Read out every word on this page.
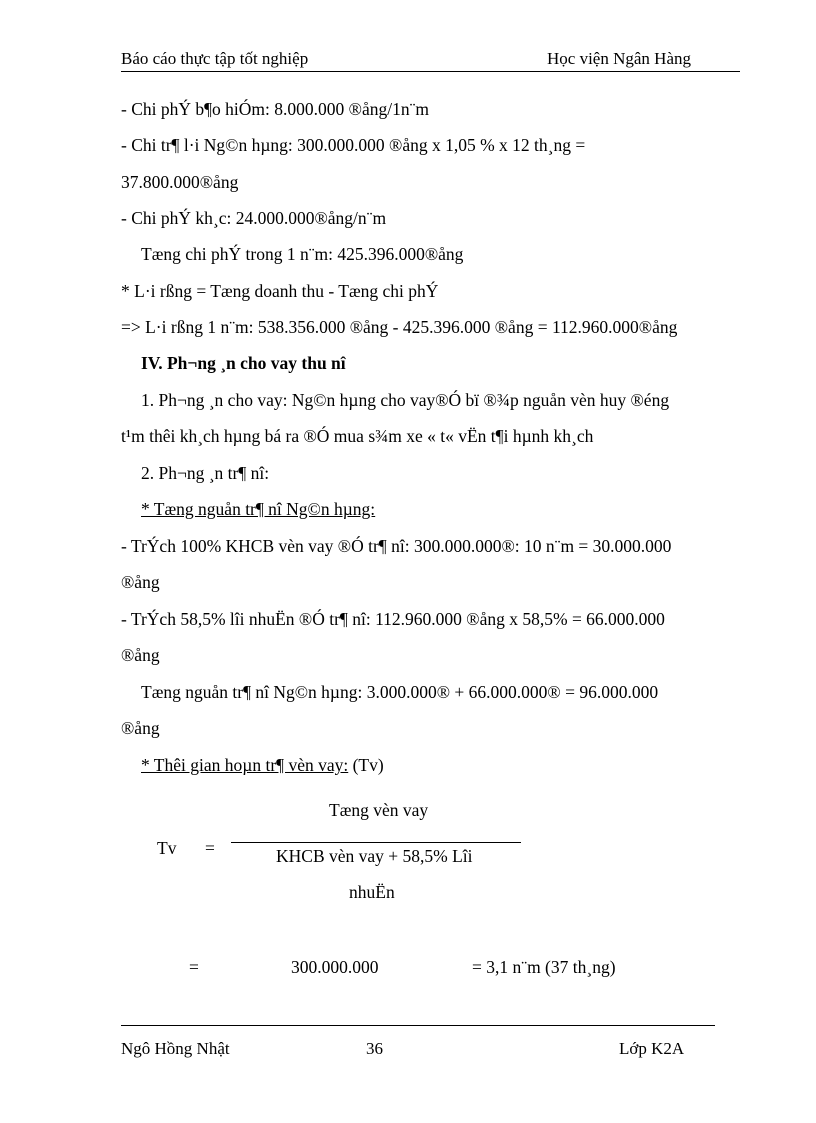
Báo cáo thực tập tốt nghiệp	Học viện Ngân Hàng
- Chi phÝ b¶o hiÓm: 8.000.000 ®ång/1n¨m
- Chi tr¶ l·i Ng©n hµng: 300.000.000 ®ång x 1,05 % x 12 th¸ng =
37.800.000®ång
- Chi phÝ kh¸c: 24.000.000®ång/n¨m
Tæng chi phÝ trong 1 n¨m: 425.396.000®ång
* L·i rßng = Tæng doanh thu - Tæng chi phÝ
=> L·i rßng 1 n¨m: 538.356.000 ®ång - 425.396.000 ®ång = 112.960.000®ång
IV. Ph¬ng ¸n cho vay thu nî
1. Ph¬ng ¸n cho vay: Ng©n hµng cho vay®Ó bï ®¾p nguån vèn huy ®éng
t¹m thêi kh¸ch hµng bá ra ®Ó mua s¾m xe « t« vËn t¶i hµnh kh¸ch
2. Ph¬ng ¸n tr¶ nî:
* Tæng nguån tr¶ nî Ng©n hµng:
- TrÝch 100% KHCB vèn vay ®Ó tr¶ nî: 300.000.000®: 10 n¨m = 30.000.000
®ång
- TrÝch 58,5% lîi nhuËn ®Ó tr¶ nî: 112.960.000 ®ång x 58,5% = 66.000.000
®ång
Tæng nguån tr¶ nî Ng©n hµng: 3.000.000® + 66.000.000® = 96.000.000
®ång
* Thêi gian hoµn tr¶ vèn vay: (Tv)
Tæng vèn vay
Tv =	KHCB vèn vay + 58,5% Lîi
nhuËn
=	300.000.000	= 3,1 n¨m (37 th¸ng)
Ngô Hồng Nhật	36	Lớp K2A
